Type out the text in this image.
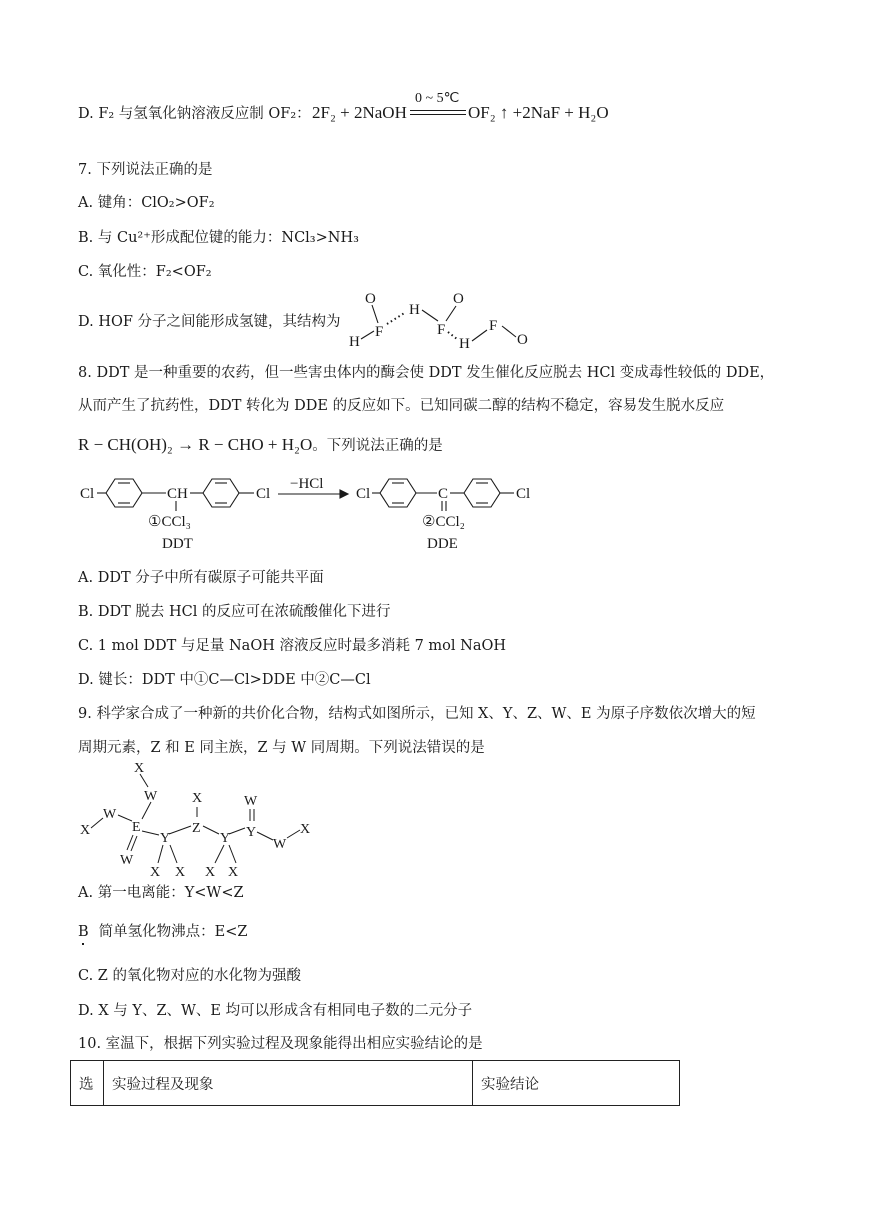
D. F₂ 与氢氧化钠溶液反应制 OF₂： 2F₂ + 2NaOH
0 ~ 5℃
OF₂ ↑ +2NaF + H₂O
7. 下列说法正确的是
A. 键角：ClO₂>OF₂
B. 与 Cu²⁺形成配位键的能力：NCl₃>NH₃
C. 氧化性：F₂<OF₂
D. HOF 分子之间能形成氢键，其结构为
O
H
F
H
O
F
H
F
O
8. DDT 是一种重要的农药，但一些害虫体内的酶会使 DDT 发生催化反应脱去 HCl 变成毒性较低的 DDE，
从而产生了抗药性，DDT 转化为 DDE 的反应如下。已知同碳二醇的结构不稳定，容易发生脱水反应
R − CH(OH)₂ → R − CHO + H₂O。下列说法正确的是
Cl	CH	Cl
①CCl₃
DDT
−HCl
Cl	C	Cl
②CCl₂
DDE
A. DDT 分子中所有碳原子可能共平面
B. DDT 脱去 HCl 的反应可在浓硫酸催化下进行
C. 1 mol DDT 与足量 NaOH 溶液反应时最多消耗 7 mol NaOH
D. 键长：DDT 中①C—Cl>DDE 中②C—Cl
9. 科学家合成了一种新的共价化合物，结构式如图所示，已知 X、Y、Z、W、E 为原子序数依次增大的短
周期元素，Z 和 E 同主族，Z 与 W 同周期。下列说法错误的是
X
W
W
X	E
W
Y
X X
X
Z
Y
X X
W
Y
W
X
A. 第一电离能：Y<W<Z
B 简单氢化物沸点：E<Z
C. Z 的氧化物对应的水化物为强酸
D. X 与 Y、Z、W、E 均可以形成含有相同电子数的二元分子
10. 室温下，根据下列实验过程及现象能得出相应实验结论的是
选	实验过程及现象	实验结论
